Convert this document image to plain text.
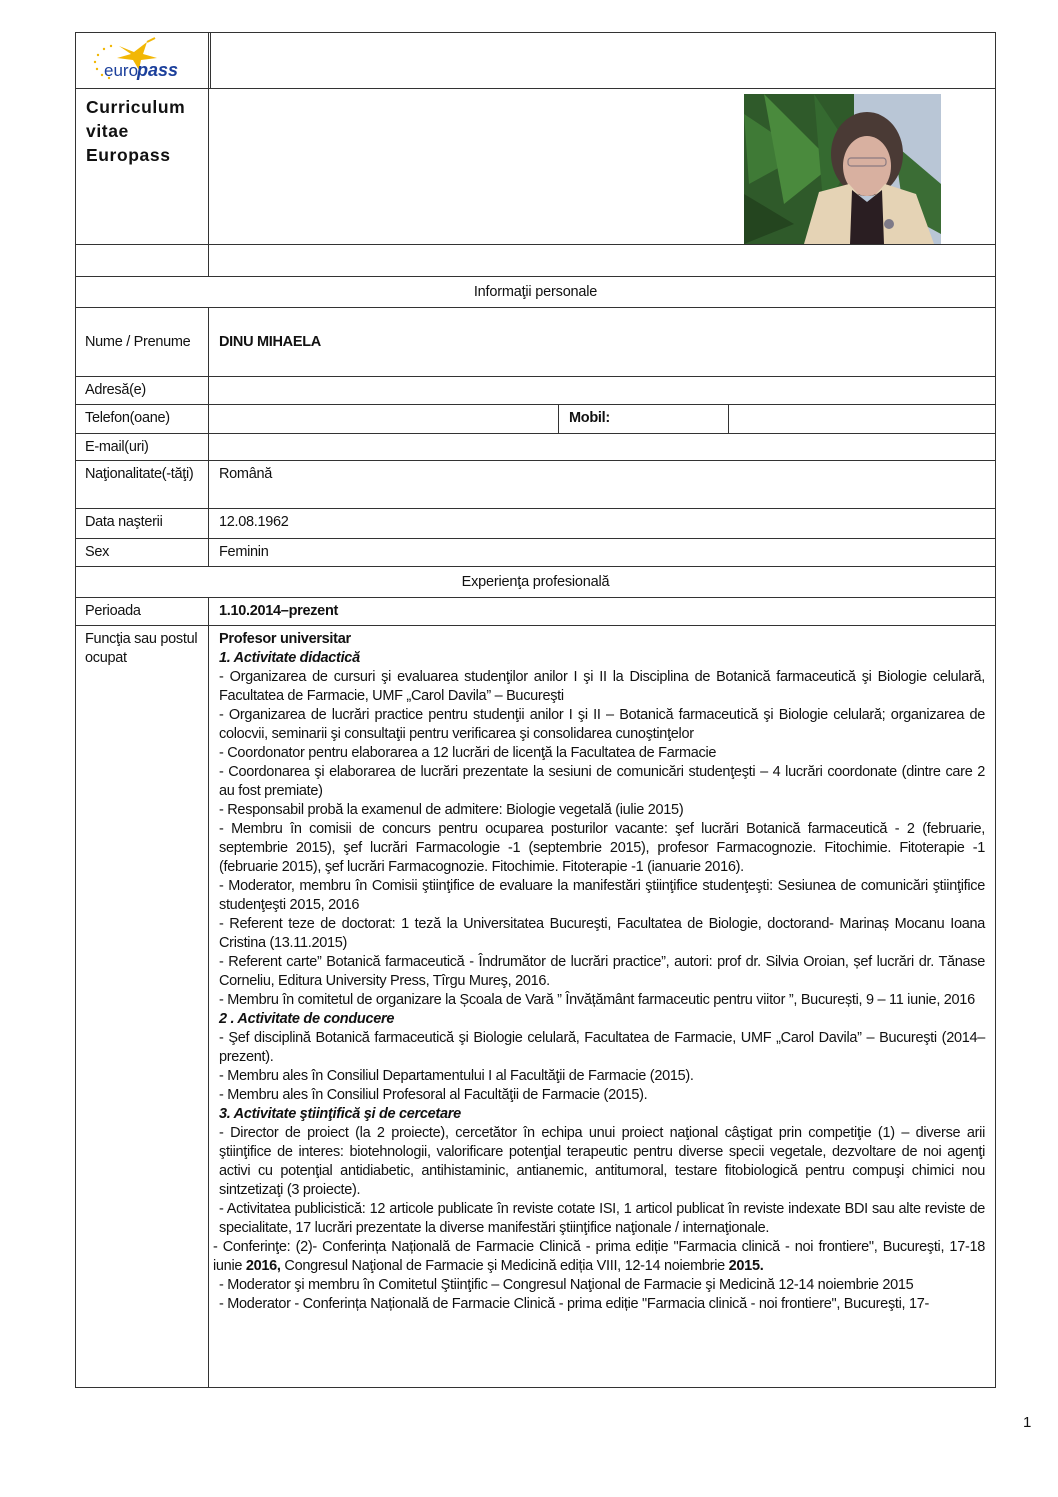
euro
pass			

Curriculum
vitae
Europass

Informaţii personale			
Nume / Prenume	DINU MIHAELA		
Adresă(e)			
Telefon(oane)		Mobil:	
E-mail(uri)			
Naţionalitate(-tăţi)	Română		
Data naşterii	12.08.1962		
Sex	Feminin		
Experienţa profesională			
Perioada	1.10.2014–prezent		
Funcţia sau postul ocupat	

Profesor universitar

1. Activitate didactică

- Organizarea de cursuri şi evaluarea studenţilor anilor I şi II la Disciplina de Botanică farmaceutică şi Biologie celulară, Facultatea de Farmacie, UMF „Carol Davila” – Bucureşti

- Organizarea de lucrări practice pentru studenţii anilor I şi II – Botanică farmaceutică şi Biologie celulară; organizarea de colocvii, seminarii şi consultaţii pentru verificarea şi consolidarea cunoştinţelor

- Coordonator pentru elaborarea a 12 lucrări de licenţă la Facultatea de Farmacie

- Coordonarea şi elaborarea de lucrări prezentate la sesiuni de comunicări studenţeşti – 4 lucrări coordonate (dintre care 2 au fost premiate)

- Responsabil probă la examenul de admitere: Biologie vegetală (iulie 2015)

- Membru în comisii de concurs pentru ocuparea posturilor vacante: şef lucrări Botanică farmaceutică - 2 (februarie, septembrie 2015), şef lucrări Farmacologie -1 (septembrie 2015), profesor Farmacognozie. Fitochimie. Fitoterapie -1 (februarie 2015), şef lucrări Farmacognozie. Fitochimie. Fitoterapie -1 (ianuarie 2016).

- Moderator, membru în Comisii ştiinţifice de evaluare la manifestări ştiinţifice studenţeşti: Sesiunea de comunicări ştiinţifice studenţeşti 2015, 2016

- Referent teze de doctorat: 1 teză la Universitatea Bucureşti, Facultatea de Biologie, doctorand- Marinaș Mocanu Ioana Cristina (13.11.2015)

- Referent carte” Botanică farmaceutică - Îndrumător de lucrări practice”, autori: prof dr. Silvia Oroian, șef lucrări dr. Tănase Corneliu, Editura University Press, Tîrgu Mureş, 2016.

- Membru în comitetul de organizare la Școala de Vară ” Învățământ farmaceutic pentru viitor ”, București, 9 – 11 iunie, 2016

2 . Activitate de conducere

- Şef disciplină Botanică farmaceutică şi Biologie celulară, Facultatea de Farmacie, UMF „Carol Davila” – Bucureşti (2014–prezent).

- Membru ales în Consiliul Departamentului I al Facultăţii de Farmacie (2015).

- Membru ales în Consiliul Profesoral al Facultăţii de Farmacie (2015).

3. Activitate ştiinţifică şi de cercetare

- Director de proiect (la 2 proiecte), cercetător în echipa unui proiect naţional câştigat prin competiţie (1) – diverse arii ştiinţifice de interes: biotehnologii, valorificare potenţial terapeutic pentru diverse specii vegetale, dezvoltare de noi agenţi activi cu potenţial antidiabetic, antihistaminic, antianemic, antitumoral, testare fitobiologică pentru compuşi chimici nou sintzetizaţi (3 proiecte).

- Activitatea publicistică: 12 articole publicate în reviste cotate ISI, 1 articol publicat în reviste indexate BDI sau alte reviste de specialitate, 17 lucrări prezentate la diverse manifestări ştiinţifice naţionale / internaţionale.

- Conferinţe: (2)- Conferința Națională de Farmacie Clinică - prima ediție "Farmacia clinică - noi frontiere", Bucureşti, 17-18 iunie 2016, Congresul Naţional de Farmacie şi Medicină ediția VIII, 12-14 noiembrie 2015.

- Moderator şi membru în Comitetul Ştiinţific – Congresul Naţional de Farmacie şi Medicină 12-14 noiembrie 2015

- Moderator - Conferința Națională de Farmacie Clinică - prima ediție "Farmacia clinică - noi frontiere", Bucureşti, 17-

1
